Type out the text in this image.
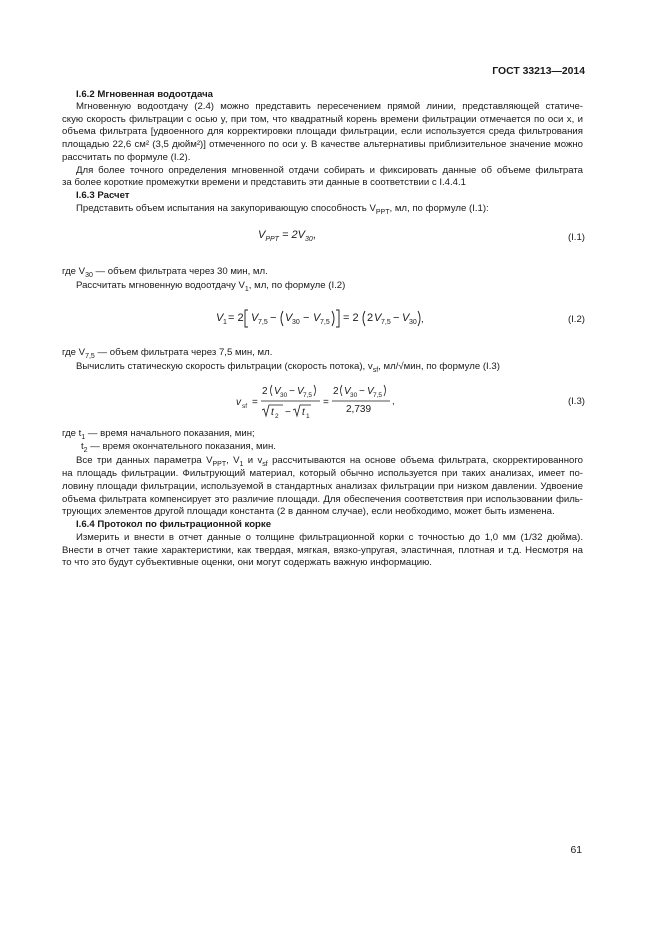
ГОСТ 33213—2014
I.6.2 Мгновенная водоотдача
Мгновенную водоотдачу (2.4) можно представить пересечением прямой линии, представляющей статиче-
скую скорость фильтрации с осью y, при том, что квадратный корень времени фильтрации отмечается по оси x, и
объема фильтрата [удвоенного для корректировки площади фильтрации, если используется среда фильтрования
площадью 22,6 см² (3,5 дюйм²)] отмеченного по оси y. В качестве альтернативы приблизительное значение можно
рассчитать по формуле (I.2).
Для более точного определения мгновенной отдачи собирать и фиксировать данные об объеме фильтрата
за более короткие промежутки времени и представить эти данные в соответствии с I.4.4.1
I.6.3 Расчет
Представить объем испытания на закупоривающую способность $V_{PPT}$, мл, по формуле (I.1):
$V_{PPT} = 2V_{30}$,	(I.1)
где $V_{30}$ — объем фильтрата через 30 мин, мл.
Рассчитать мгновенную водоотдачу $V_1$, мл, по формуле (I.2)
V 1 = 2 V 7,5 − V 30 − V 7,5 = 2 2 V 7,5 − V 30 ,	(I.2)
где $V_{7,5}$ — объем фильтрата через 7,5 мин, мл.
Вычислить статическую скорость фильтрации (скорость потока), $v_{sf}$, мл/√мин, по формуле (I.3)
v sf =
2 V 30 − V 7,5
t 2 − t 1
=
2 V 30 − V 7,5
2,739
,	(I.3)
где $t_1$ — время начального показания, мин;
$t_2$ — время окончательного показания, мин.
Все три данных параметра $V_{PPT}$, $V_1$ и $v_{sf}$ рассчитываются на основе объема фильтрата, скорректированного
на площадь фильтрации. Фильтрующий материал, который обычно используется при таких анализах, имеет по-
ловину площади фильтрации, используемой в стандартных анализах фильтрации при низком давлении. Удвоение
объема фильтрата компенсирует это различие площади. Для обеспечения соответствия при использовании филь-
трующих элементов другой площади константа (2 в данном случае), если необходимо, может быть изменена.
I.6.4 Протокол по фильтрационной корке
Измерить и внести в отчет данные о толщине фильтрационной корки с точностью до 1,0 мм (1/32 дюйма).
Внести в отчет такие характеристики, как твердая, мягкая, вязко-упругая, эластичная, плотная и т.д. Несмотря на
то что это будут субъективные оценки, они могут содержать важную информацию.
61
